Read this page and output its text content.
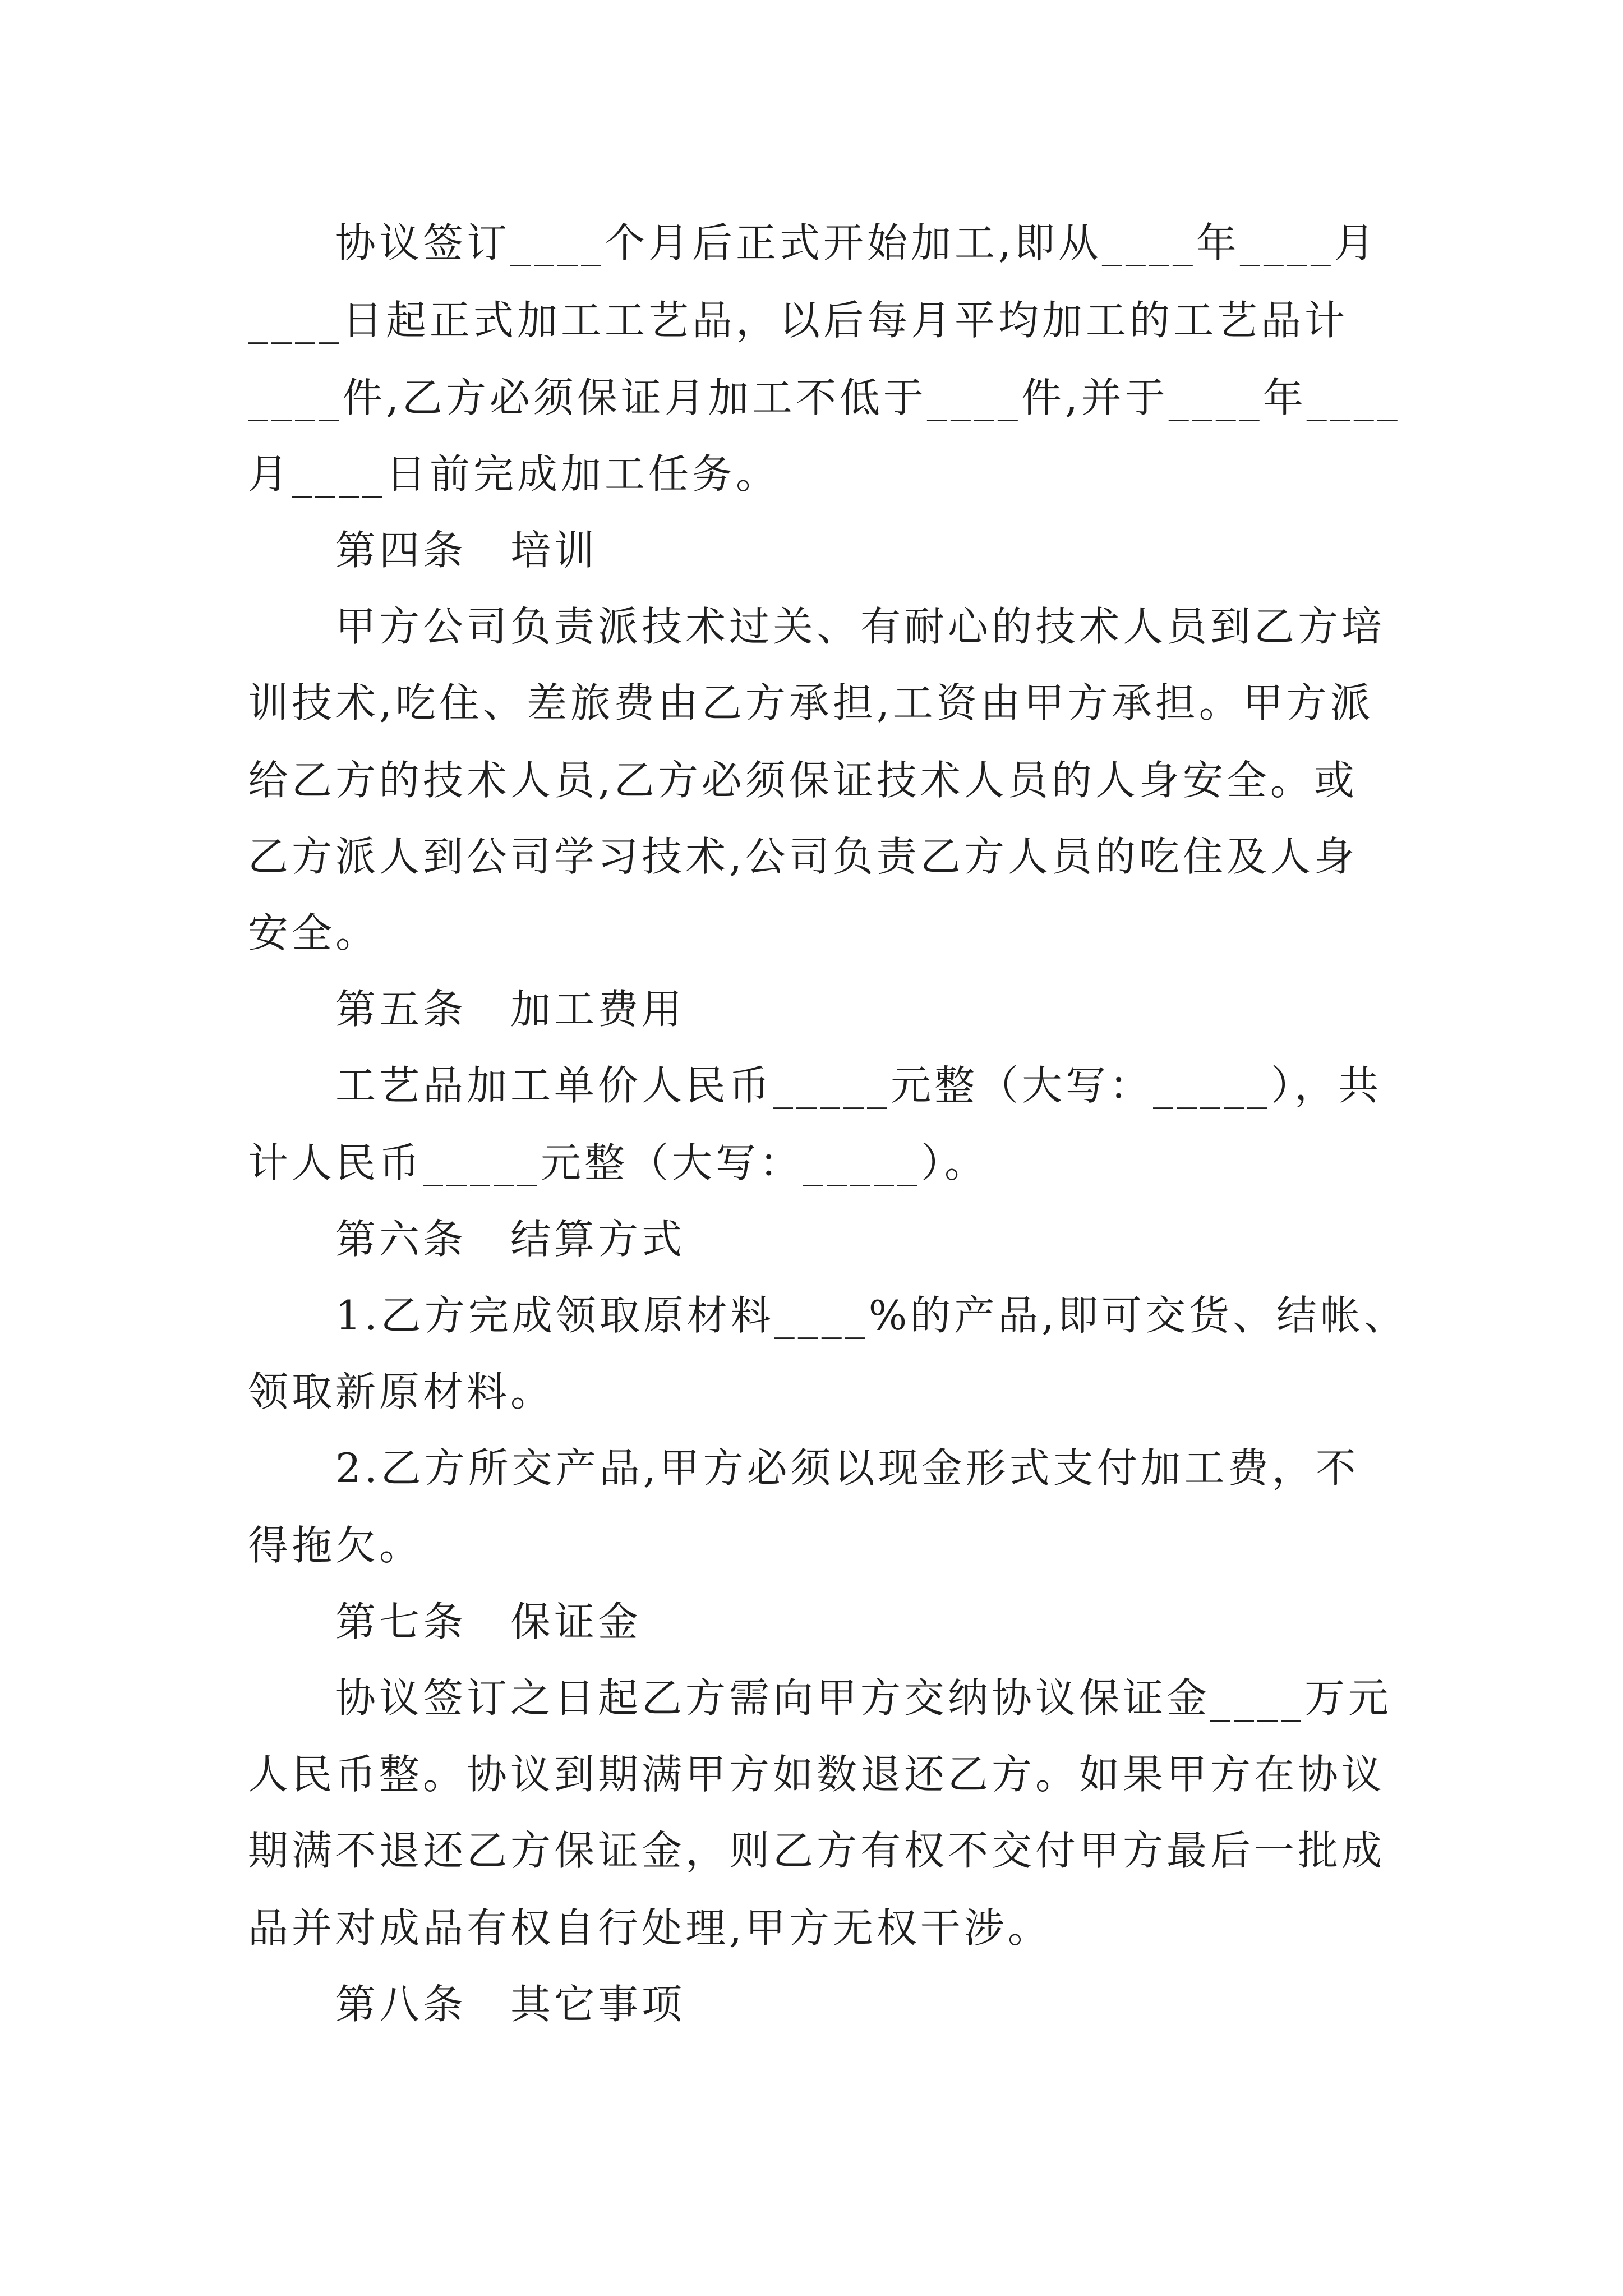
协议签订____个月后正式开始加工,即从____年____月

____日起正式加工工艺品，以后每月平均加工的工艺品计

____件,乙方必须保证月加工不低于____件,并于____年____

月____日前完成加工任务。

第四条　培训

甲方公司负责派技术过关、有耐心的技术人员到乙方培

训技术,吃住、差旅费由乙方承担,工资由甲方承担。甲方派

给乙方的技术人员,乙方必须保证技术人员的人身安全。或

乙方派人到公司学习技术,公司负责乙方人员的吃住及人身

安全。

第五条　加工费用

工艺品加工单价人民币_____元整（大写：_____），共

计人民币_____元整（大写：_____）。

第六条　结算方式

1.乙方完成领取原材料____%的产品,即可交货、结帐、

领取新原材料。

2.乙方所交产品,甲方必须以现金形式支付加工费，不

得拖欠。

第七条　保证金

协议签订之日起乙方需向甲方交纳协议保证金____万元

人民币整。协议到期满甲方如数退还乙方。如果甲方在协议

期满不退还乙方保证金，则乙方有权不交付甲方最后一批成

品并对成品有权自行处理,甲方无权干涉。

第八条　其它事项
